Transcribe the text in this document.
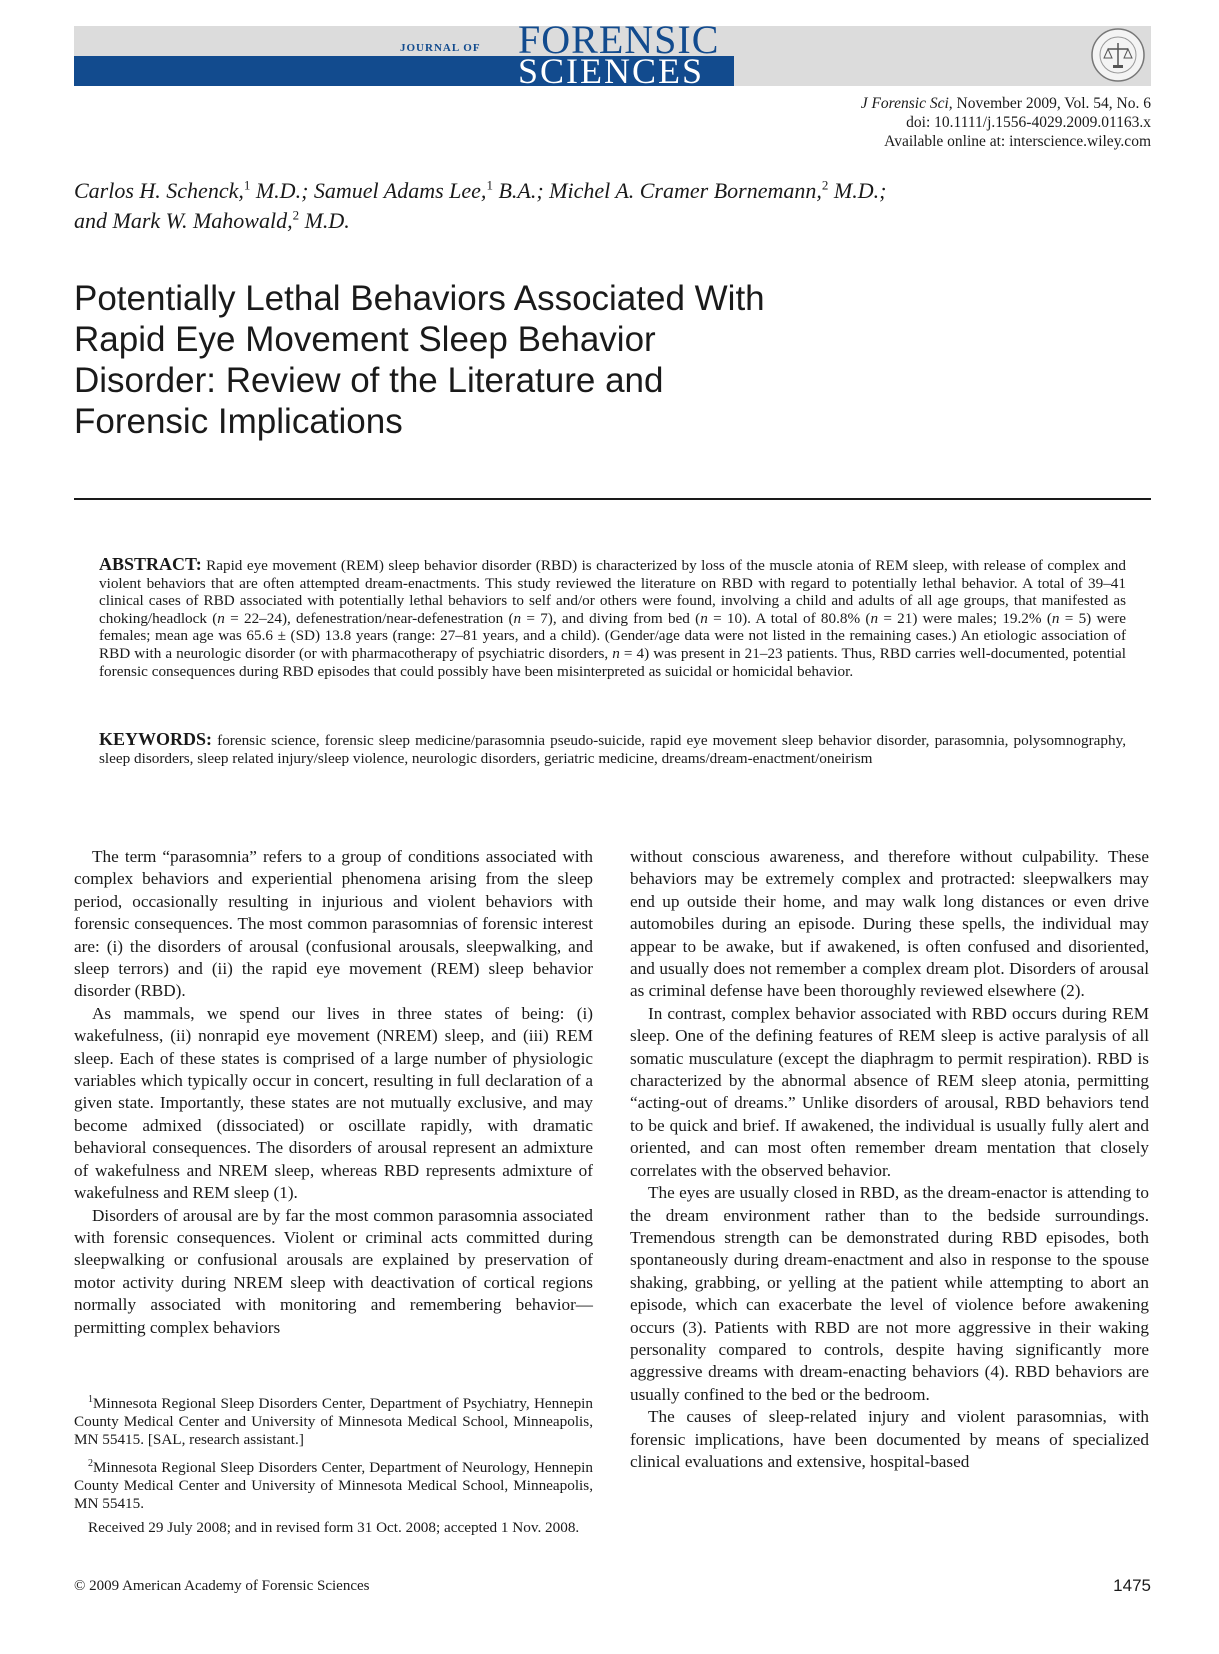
JOURNAL OF FORENSIC
SCIENCES
J Forensic Sci, November 2009, Vol. 54, No. 6
doi: 10.1111/j.1556-4029.2009.01163.x
Available online at: interscience.wiley.com
Carlos H. Schenck,$^1$ M.D.; Samuel Adams Lee,$^1$ B.A.; Michel A. Cramer Bornemann,$^2$ M.D.;
and Mark W. Mahowald,$^2$ M.D.
Potentially Lethal Behaviors Associated With
Rapid Eye Movement Sleep Behavior
Disorder: Review of the Literature and
Forensic Implications
ABSTRACT: Rapid eye movement (REM) sleep behavior disorder (RBD) is characterized by loss of the muscle atonia of REM sleep, with release of complex and violent behaviors that are often attempted dream-enactments. This study reviewed the literature on RBD with regard to potentially lethal behavior. A total of 39–41 clinical cases of RBD associated with potentially lethal behaviors to self and/or others were found, involving a child and adults of all age groups, that manifested as choking/headlock (n = 22–24), defenestration/near-defenestration (n = 7), and diving from bed (n = 10). A total of 80.8% (n = 21) were males; 19.2% (n = 5) were females; mean age was 65.6 ± (SD) 13.8 years (range: 27–81 years, and a child). (Gender/age data were not listed in the remaining cases.) An etiologic association of RBD with a neurologic disorder (or with pharmacotherapy of psychiatric disorders, n = 4) was present in 21–23 patients. Thus, RBD carries well-documented, potential forensic consequences during RBD episodes that could possibly have been misinterpreted as suicidal or homicidal behavior.
KEYWORDS: forensic science, forensic sleep medicine/parasomnia pseudo-suicide, rapid eye movement sleep behavior disorder, parasomnia, polysomnography, sleep disorders, sleep related injury/sleep violence, neurologic disorders, geriatric medicine, dreams/dream-enactment/oneirism

The term “parasomnia” refers to a group of conditions associated with complex behaviors and experiential phenomena arising from the sleep period, occasionally resulting in injurious and violent behaviors with forensic consequences. The most common parasomnias of forensic interest are: (i) the disorders of arousal (confusional arousals, sleepwalking, and sleep terrors) and (ii) the rapid eye movement (REM) sleep behavior disorder (RBD).

As mammals, we spend our lives in three states of being: (i) wakefulness, (ii) nonrapid eye movement (NREM) sleep, and (iii) REM sleep. Each of these states is comprised of a large number of physiologic variables which typically occur in concert, resulting in full declaration of a given state. Importantly, these states are not mutually exclusive, and may become admixed (dissociated) or oscillate rapidly, with dramatic behavioral consequences. The disorders of arousal represent an admixture of wakefulness and NREM sleep, whereas RBD represents admixture of wakefulness and REM sleep (1).

Disorders of arousal are by far the most common parasomnia associated with forensic consequences. Violent or criminal acts committed during sleepwalking or confusional arousals are explained by preservation of motor activity during NREM sleep with deactivation of cortical regions normally associated with monitoring and remembering behavior—permitting complex behaviors

without conscious awareness, and therefore without culpability. These behaviors may be extremely complex and protracted: sleepwalkers may end up outside their home, and may walk long distances or even drive automobiles during an episode. During these spells, the individual may appear to be awake, but if awakened, is often confused and disoriented, and usually does not remember a complex dream plot. Disorders of arousal as criminal defense have been thoroughly reviewed elsewhere (2).

In contrast, complex behavior associated with RBD occurs during REM sleep. One of the defining features of REM sleep is active paralysis of all somatic musculature (except the diaphragm to permit respiration). RBD is characterized by the abnormal absence of REM sleep atonia, permitting “acting-out of dreams.” Unlike disorders of arousal, RBD behaviors tend to be quick and brief. If awakened, the individual is usually fully alert and oriented, and can most often remember dream mentation that closely correlates with the observed behavior.

The eyes are usually closed in RBD, as the dream-enactor is attending to the dream environment rather than to the bedside surroundings. Tremendous strength can be demonstrated during RBD episodes, both spontaneously during dream-enactment and also in response to the spouse shaking, grabbing, or yelling at the patient while attempting to abort an episode, which can exacerbate the level of violence before awakening occurs (3). Patients with RBD are not more aggressive in their waking personality compared to controls, despite having significantly more aggressive dreams with dream-enacting behaviors (4). RBD behaviors are usually confined to the bed or the bedroom.

The causes of sleep-related injury and violent parasomnias, with forensic implications, have been documented by means of specialized clinical evaluations and extensive, hospital-based

$^1$Minnesota Regional Sleep Disorders Center, Department of Psychiatry, Hennepin County Medical Center and University of Minnesota Medical School, Minneapolis, MN 55415. [SAL, research assistant.]

$^2$Minnesota Regional Sleep Disorders Center, Department of Neurology, Hennepin County Medical Center and University of Minnesota Medical School, Minneapolis, MN 55415.

Received 29 July 2008; and in revised form 31 Oct. 2008; accepted 1 Nov. 2008.

© 2009 American Academy of Forensic Sciences	1475
